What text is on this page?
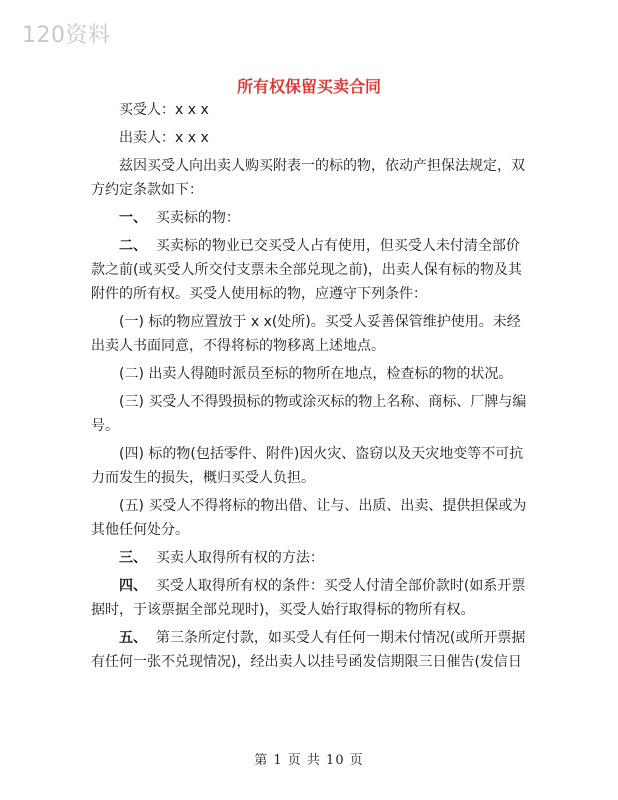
120资料
所有权保留买卖合同

买受人：x x x

出卖人：x x x

兹因买受人向出卖人购买附表一的标的物，依动产担保法规定，双方约定条款如下：

一、 买卖标的物：

二、 买卖标的物业已交买受人占有使用，但买受人未付清全部价款之前(或买受人所交付支票未全部兑现之前)，出卖人保有标的物及其附件的所有权。买受人使用标的物，应遵守下列条件：

(一) 标的物应置放于 x x(处所)。买受人妥善保管维护使用。未经出卖人书面同意，不得将标的物移离上述地点。

(二) 出卖人得随时派员至标的物所在地点，检查标的物的状况。

(三) 买受人不得毁损标的物或涂灭标的物上名称、商标、厂牌与编号。

(四) 标的物(包括零件、附件)因火灾、盗窃以及天灾地变等不可抗力而发生的损失，概归买受人负担。

(五) 买受人不得将标的物出借、让与、出质、出卖、提供担保或为其他任何处分。

三、 买卖人取得所有权的方法：

四、 买受人取得所有权的条件：买受人付清全部价款时(如系开票据时，于该票据全部兑现时)，买受人始行取得标的物所有权。

五、 第三条所定付款，如买受人有任何一期未付情况(或所开票据有任何一张不兑现情况)，经出卖人以挂号函发信期限三日催告(发信日

第 1 页 共 10 页
